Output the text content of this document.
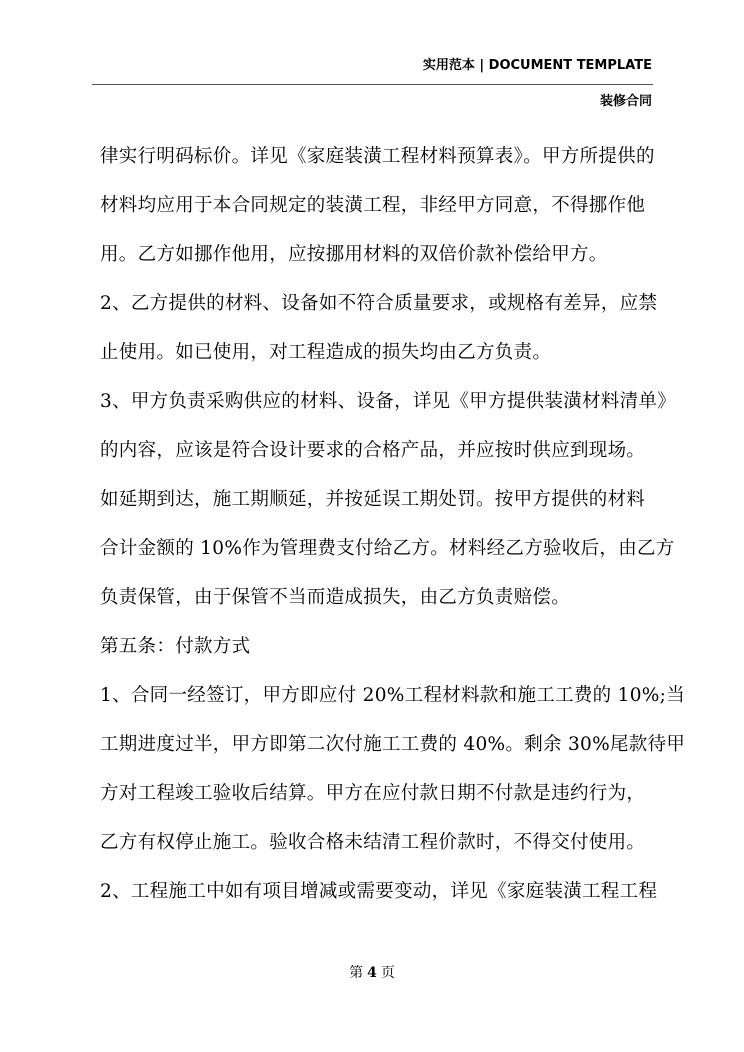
实用范本 | DOCUMENT TEMPLATE
装修合同
律实行明码标价。详见《家庭装潢工程材料预算表》。甲方所提供的
材料均应用于本合同规定的装潢工程，非经甲方同意，不得挪作他
用。乙方如挪作他用，应按挪用材料的双倍价款补偿给甲方。
2、乙方提供的材料、设备如不符合质量要求，或规格有差异，应禁
止使用。如已使用，对工程造成的损失均由乙方负责。
3、甲方负责采购供应的材料、设备，详见《甲方提供装潢材料清单》
的内容，应该是符合设计要求的合格产品，并应按时供应到现场。
如延期到达，施工期顺延，并按延误工期处罚。按甲方提供的材料
合计金额的 10%作为管理费支付给乙方。材料经乙方验收后，由乙方
负责保管，由于保管不当而造成损失，由乙方负责赔偿。
第五条：付款方式
1、合同一经签订，甲方即应付 20%工程材料款和施工工费的 10%;当
工期进度过半，甲方即第二次付施工工费的 40%。剩余 30%尾款待甲
方对工程竣工验收后结算。甲方在应付款日期不付款是违约行为，
乙方有权停止施工。验收合格未结清工程价款时，不得交付使用。
2、工程施工中如有项目增减或需要变动，详见《家庭装潢工程工程
第 4 页
